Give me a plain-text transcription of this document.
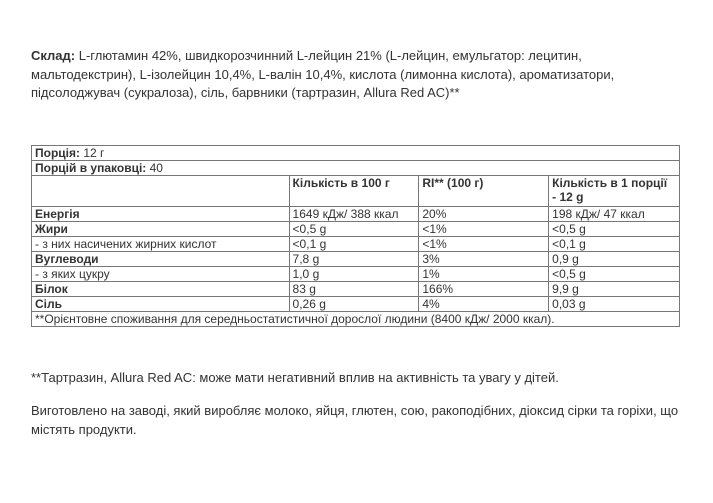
Склад: L-глютамин 42%, швидкорозчинний L-лейцин 21% (L-лейцин, емульгатор: лецитин, мальтодекстрин), L-ізолейцин 10,4%, L-валін 10,4%, кислота (лимонна кислота), ароматизатори, підсолоджувач (сукралоза), сіль, барвники (тартразин, Allura Red AC)**
Порція: 12 г			
Порцій в упаковці: 40			
	Кількість в 100 г	RI** (100 г)	Кількість в 1 порції
- 12 g

Енергія	1649 кДж/ 388 ккал	20%	198 кДж/ 47 ккал
Жири	<0,5 g	<1%	<0,5 g
- з них насичених жирних кислот	<0,1 g	<1%	<0,1 g
Вуглеводи	7,8 g	3%	0,9 g
- з яких цукру	1,0 g	1%	<0,5 g
Білок	83 g	166%	9,9 g
Сіль	0,26 g	4%	0,03 g
**Орієнтовне споживання для середньостатистичної дорослої людини (8400 кДж/ 2000 ккал).			
**Тартразин, Allura Red AC: може мати негативний вплив на активність та увагу у дітей.
Виготовлено на заводі, який виробляє молоко, яйця, глютен, сою, ракоподібних, діоксид сірки та горіхи, що містять продукти.
